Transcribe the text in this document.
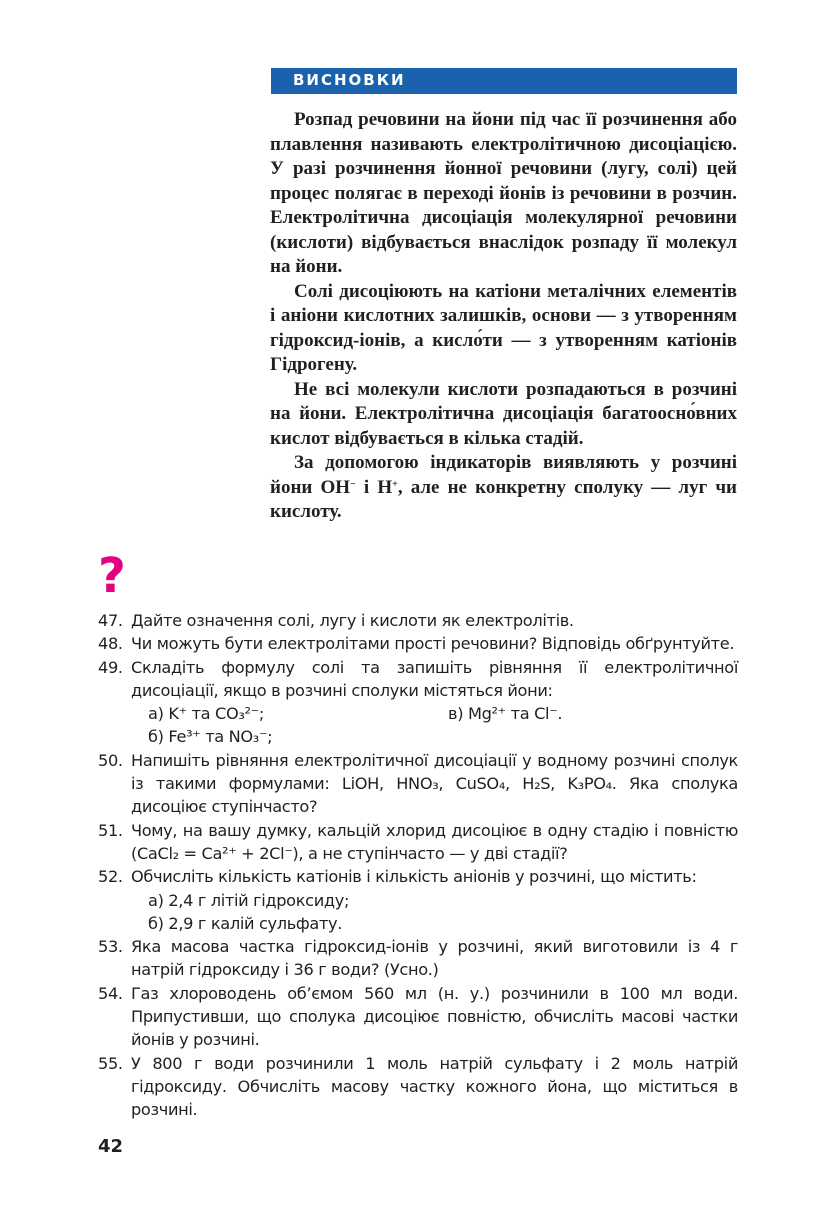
ВИСНОВКИ

Розпад речовини на йони під час її розчинення або плавлення називають електролітичною дисоціацією. У разі розчинення йонної речовини (лугу, солі) цей процес полягає в переході йонів із речовини в розчин. Електролітична дисоціація молекулярної речовини (кислоти) відбувається внаслідок розпаду її молекул на йони.

Солі дисоціюють на катіони металічних елементів і аніони кислотних залишків, основи — з утворенням гідроксид-іонів, а кисло́ти — з утворенням катіонів Гідрогену.

Не всі молекули кислоти розпадаються в розчині на йони. Електролітична дисоціація багатоосно́вних кислот відбувається в кілька стадій.

За допомогою індикаторів виявляють у розчині йони OH− і H+, але не конкретну сполуку — луг чи кислоту.

?
47. Дайте означення солі, лугу і кислоти як електролітів.
48. Чи можуть бути електролітами прості речовини? Відповідь обґрунтуйте.
49. Складіть формулу солі та запишіть рівняння її електролітичної дисоціації, якщо в розчині сполуки містяться йони:
а) K⁺ та CO₃²⁻;	в) Mg²⁺ та Cl⁻.
б) Fe³⁺ та NO₃⁻;
50. Напишіть рівняння електролітичної дисоціації у водному розчині сполук із такими формулами: LiOH, HNO₃, CuSO₄, H₂S, K₃PO₄. Яка сполука дисоціює ступінчасто?
51. Чому, на вашу думку, кальцій хлорид дисоціює в одну стадію і повністю (CaCl₂ = Ca²⁺ + 2Cl⁻), а не ступінчасто — у дві стадії?
52. Обчисліть кількість катіонів і кількість аніонів у розчині, що містить:
а) 2,4 г літій гідроксиду;
б) 2,9 г калій сульфату.
53. Яка масова частка гідроксид-іонів у розчині, який виготовили із 4 г натрій гідроксиду і 36 г води? (Усно.)
54. Газ хлороводень об’ємом 560 мл (н. у.) розчинили в 100 мл води. Припустивши, що сполука дисоціює повністю, обчисліть масові частки йонів у розчині.
55. У 800 г води розчинили 1 моль натрій сульфату і 2 моль натрій гідроксиду. Обчисліть масову частку кожного йона, що міститься в розчині.
42
